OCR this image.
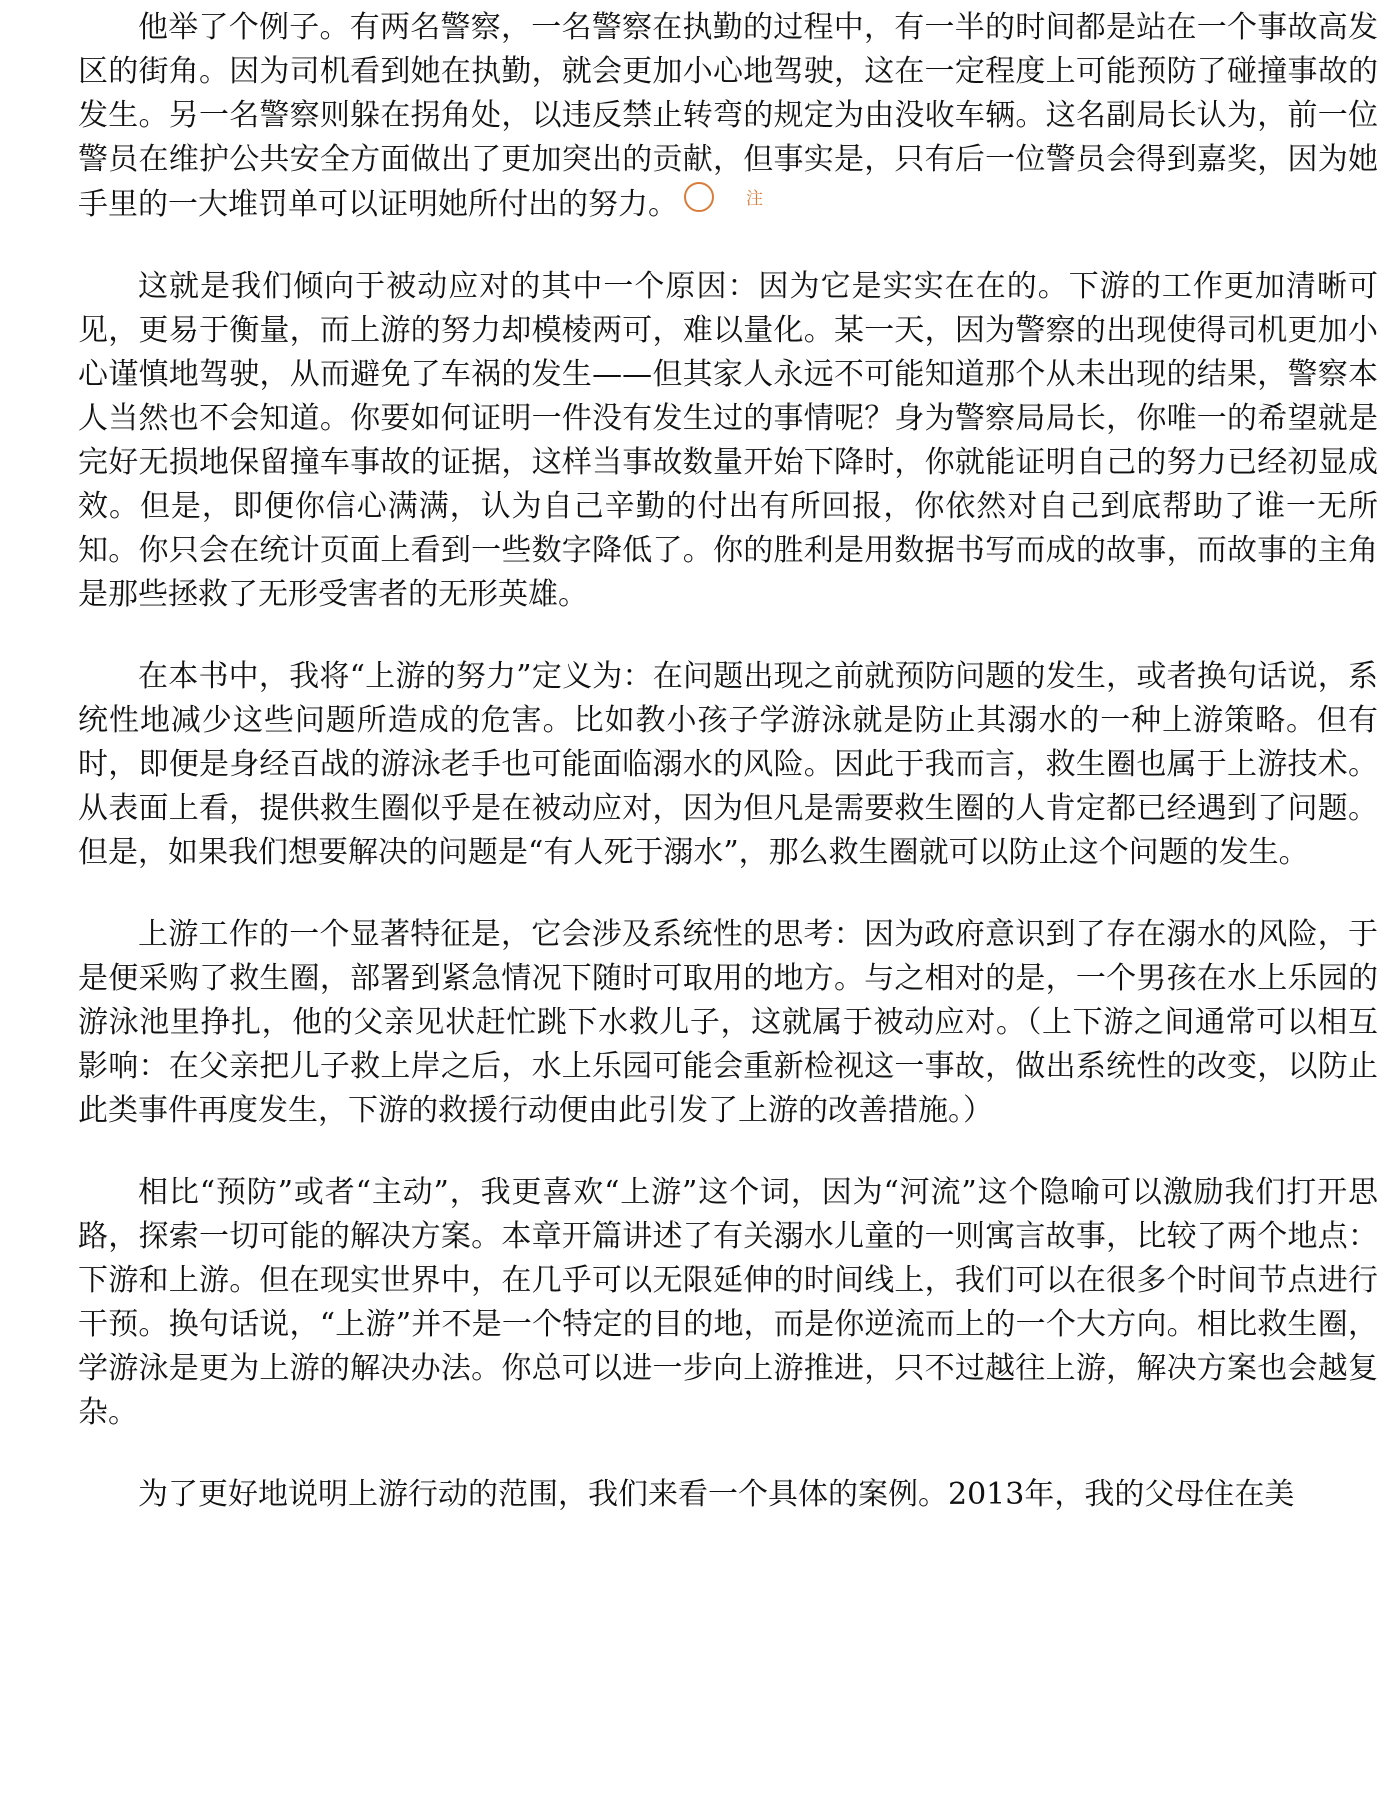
他举了个例子。有两名警察，一名警察在执勤的过程中，有一半的时间都是站在一个事故高发区的街角。因为司机看到她在执勤，就会更加小心地驾驶，这在一定程度上可能预防了碰撞事故的发生。另一名警察则躲在拐角处，以违反禁止转弯的规定为由没收车辆。这名副局长认为，前一位警员在维护公共安全方面做出了更加突出的贡献，但事实是，只有后一位警员会得到嘉奖，因为她手里的一大堆罚单可以证明她所付出的努力。	注

这就是我们倾向于被动应对的其中一个原因：因为它是实实在在的。下游的工作更加清晰可见，更易于衡量，而上游的努力却模棱两可，难以量化。某一天，因为警察的出现使得司机更加小心谨慎地驾驶，从而避免了车祸的发生——但其家人永远不可能知道那个从未出现的结果，警察本人当然也不会知道。你要如何证明一件没有发生过的事情呢？身为警察局局长，你唯一的希望就是完好无损地保留撞车事故的证据，这样当事故数量开始下降时，你就能证明自己的努力已经初显成效。但是，即便你信心满满，认为自己辛勤的付出有所回报，你依然对自己到底帮助了谁一无所知。你只会在统计页面上看到一些数字降低了。你的胜利是用数据书写而成的故事，而故事的主角是那些拯救了无形受害者的无形英雄。

在本书中，我将“上游的努力”定义为：在问题出现之前就预防问题的发生，或者换句话说，系统性地减少这些问题所造成的危害。比如教小孩子学游泳就是防止其溺水的一种上游策略。但有时，即便是身经百战的游泳老手也可能面临溺水的风险。因此于我而言，救生圈也属于上游技术。从表面上看，提供救生圈似乎是在被动应对，因为但凡是需要救生圈的人肯定都已经遇到了问题。但是，如果我们想要解决的问题是“有人死于溺水”，那么救生圈就可以防止这个问题的发生。

上游工作的一个显著特征是，它会涉及系统性的思考：因为政府意识到了存在溺水的风险，于是便采购了救生圈，部署到紧急情况下随时可取用的地方。与之相对的是，一个男孩在水上乐园的游泳池里挣扎，他的父亲见状赶忙跳下水救儿子，这就属于被动应对。（上下游之间通常可以相互影响：在父亲把儿子救上岸之后，水上乐园可能会重新检视这一事故，做出系统性的改变，以防止此类事件再度发生，下游的救援行动便由此引发了上游的改善措施。）

相比“预防”或者“主动”，我更喜欢“上游”这个词，因为“河流”这个隐喻可以激励我们打开思路，探索一切可能的解决方案。本章开篇讲述了有关溺水儿童的一则寓言故事，比较了两个地点：下游和上游。但在现实世界中，在几乎可以无限延伸的时间线上，我们可以在很多个时间节点进行干预。换句话说，“上游”并不是一个特定的目的地，而是你逆流而上的一个大方向。相比救生圈，学游泳是更为上游的解决办法。你总可以进一步向上游推进，只不过越往上游，解决方案也会越复杂。

为了更好地说明上游行动的范围，我们来看一个具体的案例。2013年，我的父母住在美
